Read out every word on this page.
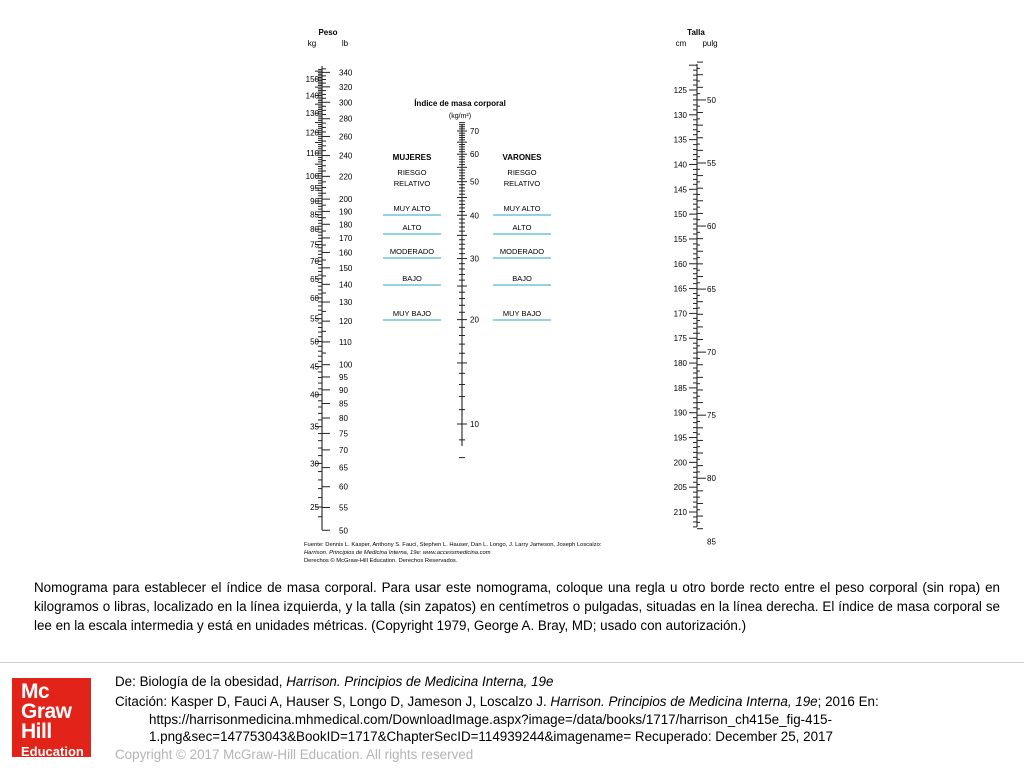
Peso
kg	lb
150
140
130
120
110
100
95
90
85
80
75
70
65
60
55
50
45
40
35
30
25
340
320
300
280
260
240
220
200
190
180
170
160
150
140
130
120
110
100
95
90
85
80
75
70
65
60
55
50
Índice de masa corporal
(kg/m²)
70
60
50
40
30
20
10
Talla
cm pulg
125
130
135
140
145
150
155
160
165
170
175
180
185
190
195
200
205
210
50
55
60
65
70
75
80
85
MUJERES
RIESGO
RELATIVO
MUY ALTO
ALTO
MODERADO
BAJO
MUY BAJO
VARONES
RIESGO
RELATIVO
MUY ALTO
ALTO
MODERADO
BAJO
MUY BAJO
Fuente: Dennis L. Kasper, Anthony S. Fauci, Stephen L. Hauser, Dan L. Longo, J. Larry Jameson, Joseph Loscalzo:
Harrison. Principios de Medicina Interna, 19e: www.accessmedicina.com
Derechos © McGraw-Hill Education. Derechos Reservados.
Nomograma para establecer el índice de masa corporal. Para usar este nomograma, coloque una regla u otro borde recto entre el peso corporal (sin ropa) en kilogramos o libras, localizado en la línea izquierda, y la talla (sin zapatos) en centímetros o pulgadas, situadas en la línea derecha. El índice de masa corporal se lee en la escala intermedia y está en unidades métricas. (Copyright 1979, George A. Bray, MD; usado con autorización.)
Mc
Graw
Hill
Education

De: Biología de la obesidad, Harrison. Principios de Medicina Interna, 19e

Citación: Kasper D, Fauci A, Hauser S, Longo D, Jameson J, Loscalzo J. Harrison. Principios de Medicina Interna, 19e; 2016 En: https://harrisonmedicina.mhmedical.com/DownloadImage.aspx?image=/data/books/1717/harrison_ch415e_fig-415-1.png&sec=147753043&BookID=1717&ChapterSecID=114939244&imagename= Recuperado: December 25, 2017

Copyright © 2017 McGraw-Hill Education. All rights reserved
